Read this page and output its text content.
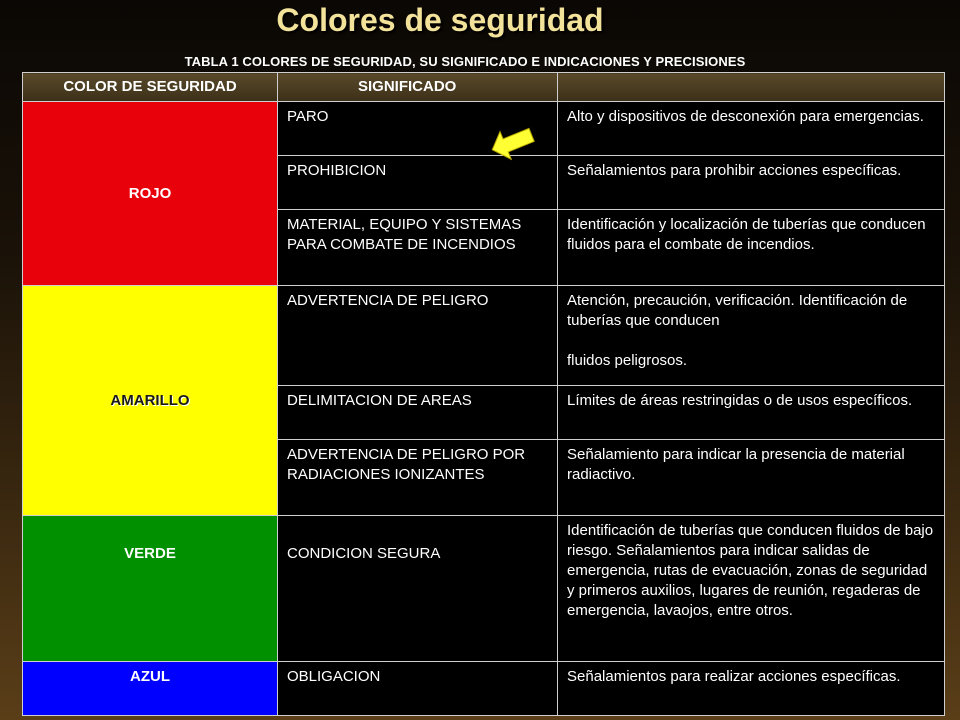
Colores de seguridad
TABLA 1 COLORES DE SEGURIDAD, SU SIGNIFICADO E INDICACIONES Y PRECISIONES
COLOR DE SEGURIDAD	SIGNIFICADO	
ROJO	PARO	Alto y dispositivos de desconexión para emergencias.
	PROHIBICION	Señalamientos para prohibir acciones específicas.
	MATERIAL, EQUIPO Y SISTEMAS PARA COMBATE DE INCENDIOS	Identificación y localización de tuberías que conducen fluidos para el combate de incendios.
AMARILLO	ADVERTENCIA DE PELIGRO	Atención, precaución, verificación. Identificación de tuberías que conducen
fluidos peligrosos.

	DELIMITACION DE AREAS	Límites de áreas restringidas o de usos específicos.
	ADVERTENCIA DE PELIGRO POR RADIACIONES IONIZANTES	Señalamiento para indicar la presencia de material radiactivo.
VERDE	CONDICION SEGURA	Identificación de tuberías que conducen fluidos de bajo riesgo. Señalamientos para indicar salidas de emergencia, rutas de evacuación, zonas de seguridad y primeros auxilios, lugares de reunión, regaderas de emergencia, lavaojos, entre otros.
AZUL	OBLIGACION	Señalamientos para realizar acciones específicas.
